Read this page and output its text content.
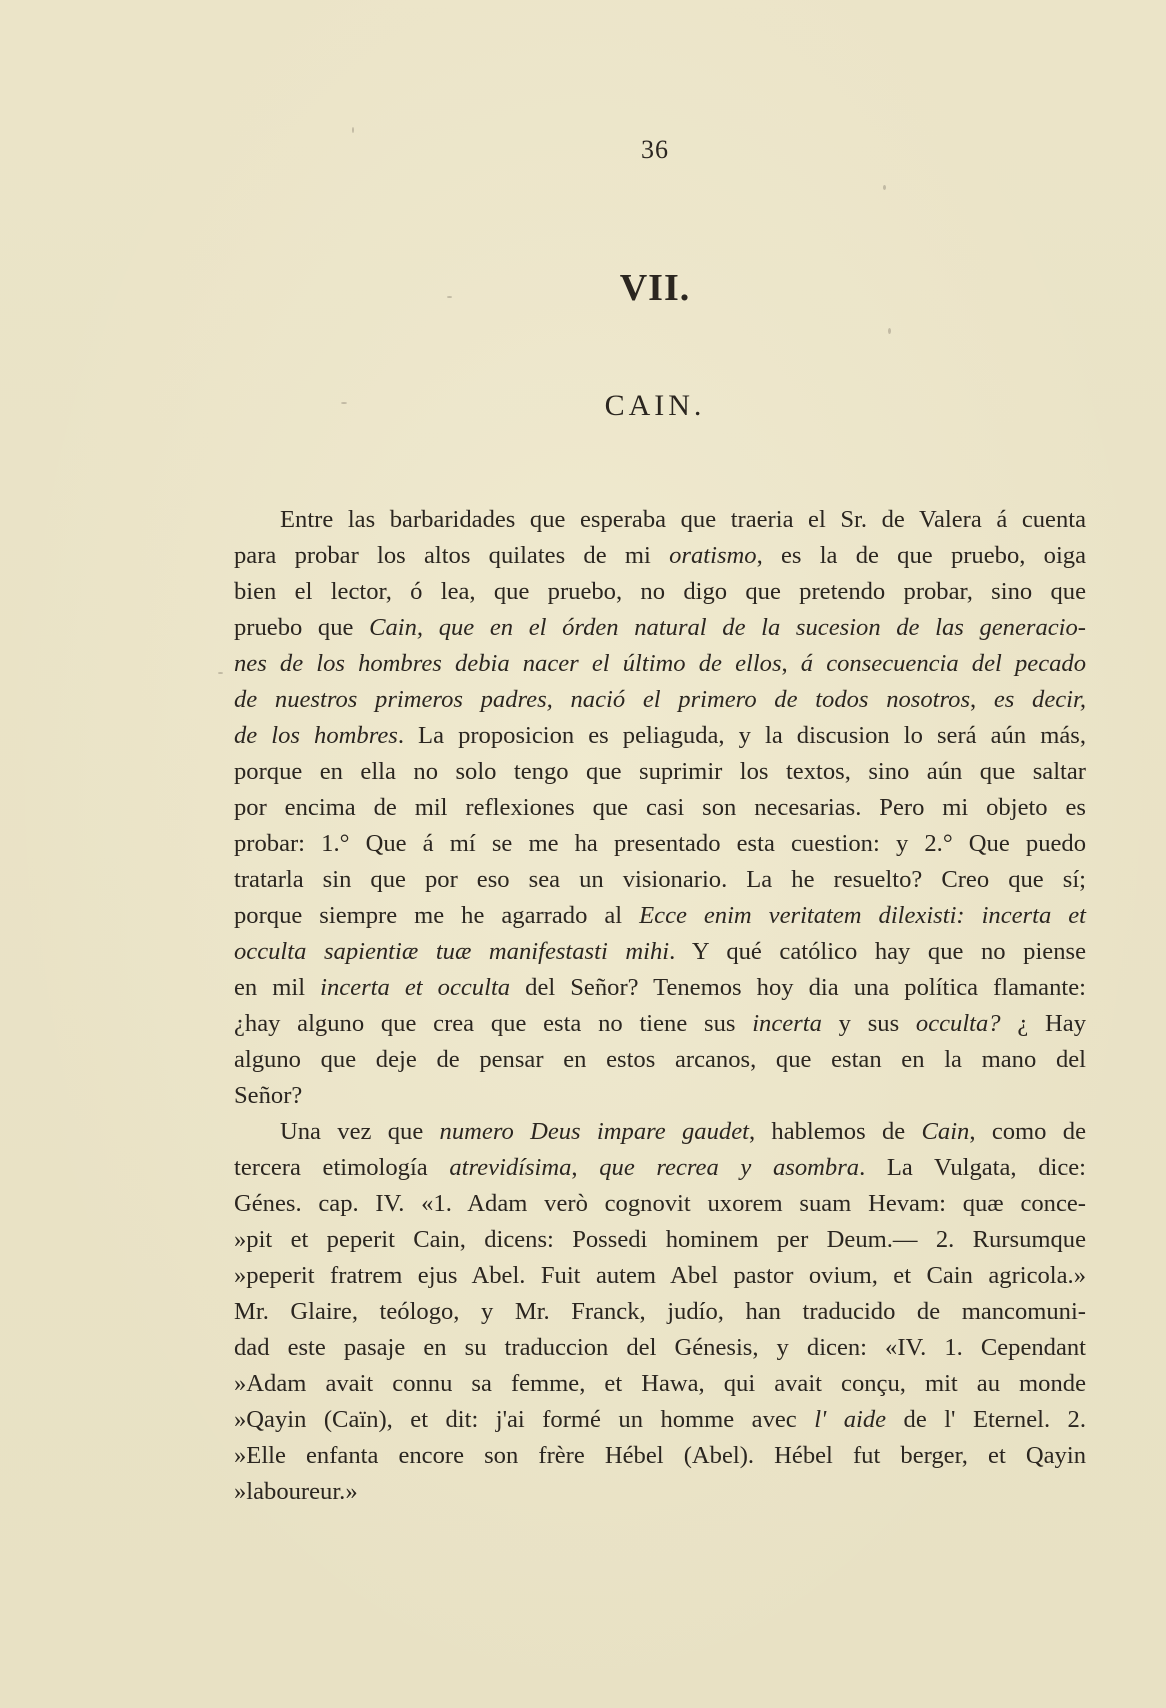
36
VII.
CAIN.
Entre las barbaridades que esperaba que traeria el Sr. de Valera á cuenta
para probar los altos quilates de mi oratismo, es la de que pruebo, oiga
bien el lector, ó lea, que pruebo, no digo que pretendo probar, sino que
pruebo que Cain, que en el órden natural de la sucesion de las generacio-
nes de los hombres debia nacer el último de ellos, á consecuencia del pecado
de nuestros primeros padres, nació el primero de todos nosotros, es decir,
de los hombres. La proposicion es peliaguda, y la discusion lo será aún más,
porque en ella no solo tengo que suprimir los textos, sino aún que saltar
por encima de mil reflexiones que casi son necesarias. Pero mi objeto es
probar: 1.° Que á mí se me ha presentado esta cuestion: y 2.° Que puedo
tratarla sin que por eso sea un visionario. La he resuelto? Creo que sí;
porque siempre me he agarrado al Ecce enim veritatem dilexisti: incerta et
occulta sapientiæ tuæ manifestasti mihi. Y qué católico hay que no piense
en mil incerta et occulta del Señor? Tenemos hoy dia una política flamante:
¿hay alguno que crea que esta no tiene sus incerta y sus occulta? ¿ Hay
alguno que deje de pensar en estos arcanos, que estan en la mano del
Señor?
Una vez que numero Deus impare gaudet, hablemos de Cain, como de
tercera etimología atrevidísima, que recrea y asombra. La Vulgata, dice:
Génes. cap. IV. «1. Adam verò cognovit uxorem suam Hevam: quæ conce-
»pit et peperit Cain, dicens: Possedi hominem per Deum.— 2. Rursumque
»peperit fratrem ejus Abel. Fuit autem Abel pastor ovium, et Cain agricola.»
Mr. Glaire, teólogo, y Mr. Franck, judío, han traducido de mancomuni-
dad este pasaje en su traduccion del Génesis, y dicen: «IV. 1. Cependant
»Adam avait connu sa femme, et Hawa, qui avait conçu, mit au monde
»Qayin (Caïn), et dit: j'ai formé un homme avec l' aide de l' Eternel. 2.
»Elle enfanta encore son frère Hébel (Abel). Hébel fut berger, et Qayin
»laboureur.»
